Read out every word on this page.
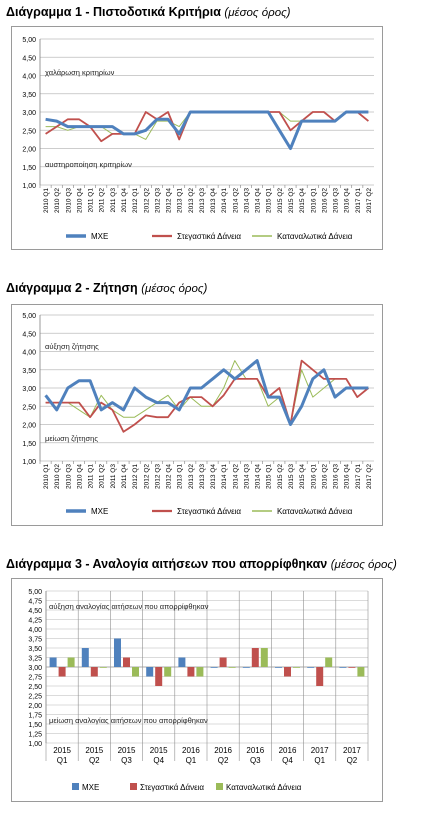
Διάγραμμα 1 - Πιστοδοτικά Κριτήρια (μέσος όρος)
1,00
1,50
2,00
2,50
3,00
3,50
4,00
4,50
5,00
2010 Q1 2010 Q2 2010 Q3 2010 Q4 2011 Q1 2011 Q2 2011 Q3 2011 Q4 2012 Q1 2012 Q2 2012 Q3 2012 Q4 2013 Q1 2013 Q2 2013 Q3 2013 Q4 2014 Q1 2014 Q2 2014 Q3 2014 Q4 2015 Q1 2015 Q2 2015 Q3 2015 Q4 2016 Q1 2016 Q2 2016 Q3 2016 Q4 2017 Q1 2017 Q2
χαλάρωση κριτηρίων
αυστηροποίηση κριτηρίων
ΜΧΕ	Στεγαστικά Δάνεια	Καταναλωτικά Δάνεια
Διάγραμμα 2 - Ζήτηση (μέσος όρος)
1,00
1,50
2,00
2,50
3,00
3,50
4,00
4,50
5,00
2010 Q1 2010 Q2 2010 Q3 2010 Q4 2011 Q1 2011 Q2 2011 Q3 2011 Q4 2012 Q1 2012 Q2 2012 Q3 2012 Q4 2013 Q1 2013 Q2 2013 Q3 2013 Q4 2014 Q1 2014 Q2 2014 Q3 2014 Q4 2015 Q1 2015 Q2 2015 Q3 2015 Q4 2016 Q1 2016 Q2 2016 Q3 2016 Q4 2017 Q1 2017 Q2
αύξηση ζήτησης
μείωση ζήτησης
ΜΧΕ	Στεγαστικά Δάνεια	Καταναλωτικά Δάνεια
Διάγραμμα 3 - Αναλογία αιτήσεων που απορρίφθηκαν (μέσος όρος)
1,00
1,25
1,50
1,75
2,00
2,25
2,50
2,75
3,00
3,25
3,50
3,75
4,00
4,25
4,50
4,75
5,00
2015
Q1
2015
Q2
2015
Q3
2015
Q4
2016
Q1
2016
Q2
2016
Q3
2016
Q4
2017
Q1
2017
Q2
αύξηση αναλογίας αιτήσεων που απορρίφθηκαν
μείωση αναλογίας αιτήσεων που απορρίφθηκαν
ΜΧΕ	Στεγαστικά Δάνεια	Καταναλωτικά Δάνεια
